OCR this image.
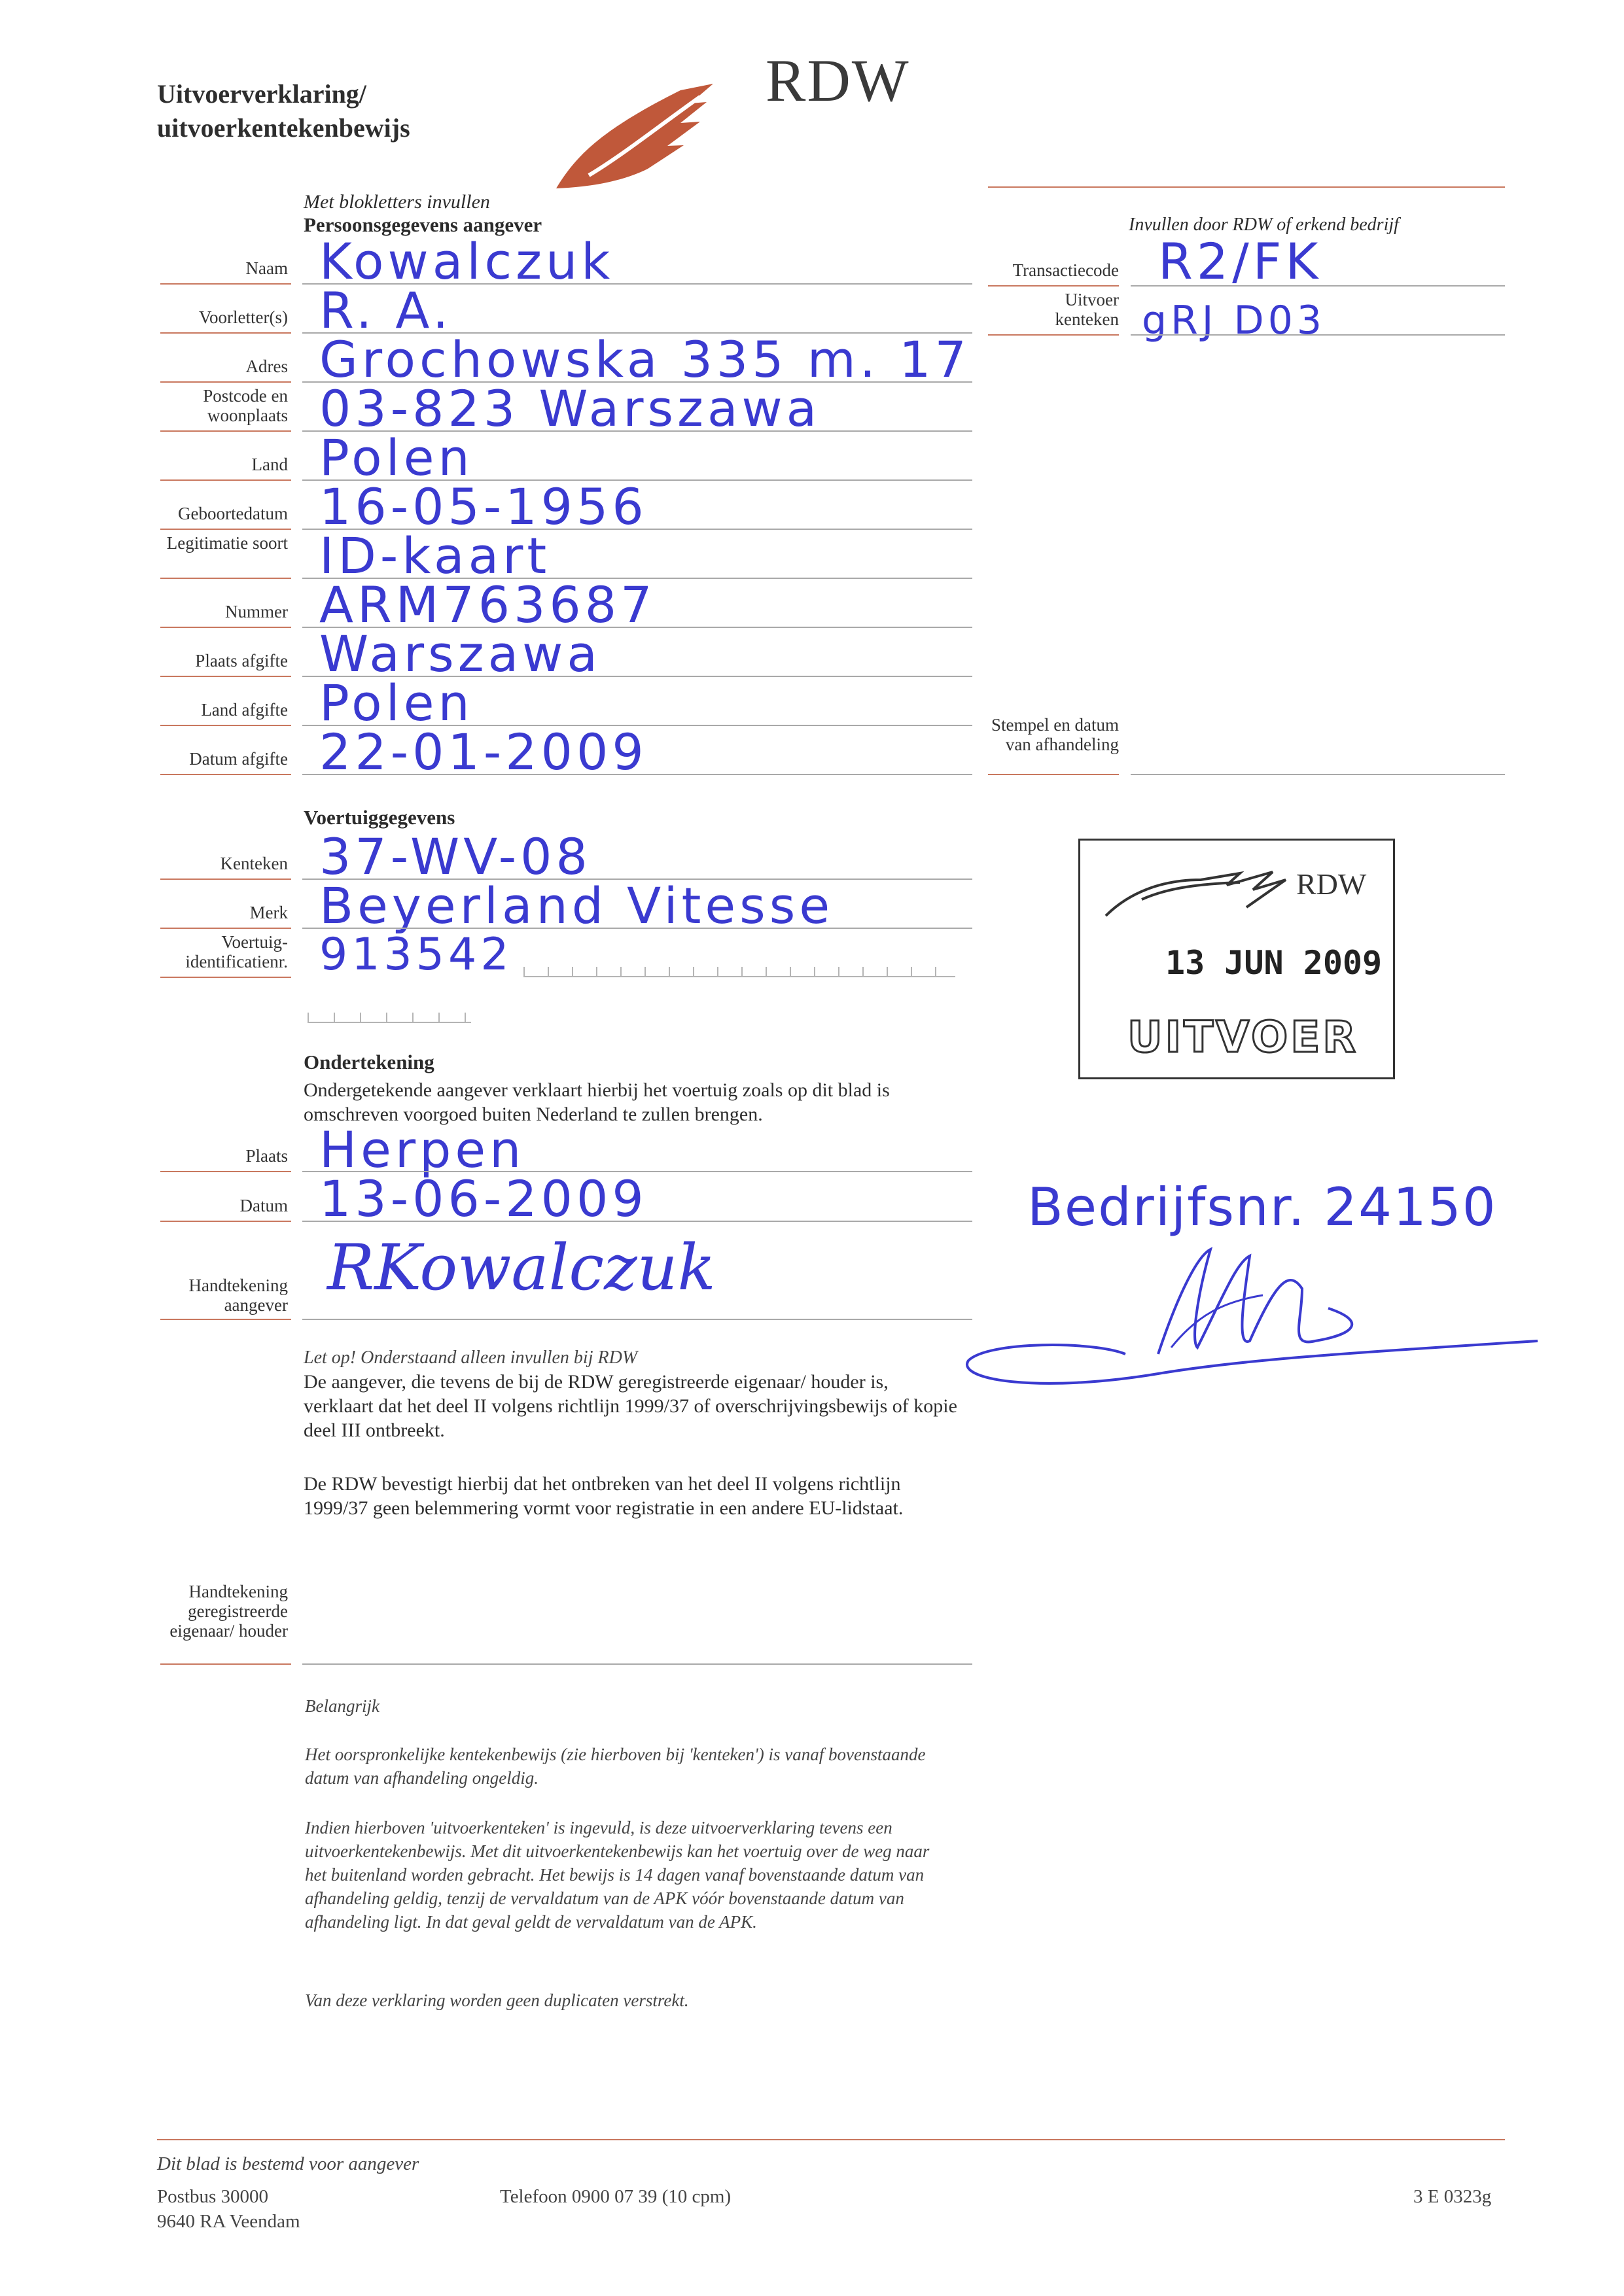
Uitvoerverklaring/
uitvoerkentekenbewijs
RDW
Met blokletters invullen
Persoonsgegevens aangever	Invullen door RDW of erkend bedrijf
Naam Kowalczuk
Voorletter(s) R. A.
Adres Grochowska 335 m. 17
Postcode en woonplaats 03-823 Warszawa
Land Polen
Geboortedatum 16-05-1956
Legitimatie soort ID-kaart
Nummer ARM763687
Plaats afgifte Warszawa
Land afgifte Polen
Datum afgifte 22-01-2009
Transactiecode R2/FK
Uitvoer kenteken gRJ D03
Stempel en datum van afhandeling
Voertuiggegevens
Kenteken 37-WV-08
Merk Beyerland Vitesse
Voertuig-identificatienr. 913542
RDW
13 JUN 2009
UITVOER
Ondertekening
Ondergetekende aangever verklaart hierbij het voertuig zoals op dit blad is omschreven voorgoed buiten Nederland te zullen brengen.
Plaats Herpen
Datum 13-06-2009
Handtekening aangever
RKowalczuk
Bedrijfsnr. 24150
Let op! Onderstaand alleen invullen bij RDW
De aangever, die tevens de bij de RDW geregistreerde eigenaar/ houder is, verklaart dat het deel II volgens richtlijn 1999/37 of overschrijvingsbewijs of kopie deel III ontbreekt.
De RDW bevestigt hierbij dat het ontbreken van het deel II volgens richtlijn 1999/37 geen belemmering vormt voor registratie in een andere EU-lidstaat.
Handtekening geregistreerde eigenaar/ houder
Belangrijk
Het oorspronkelijke kentekenbewijs (zie hierboven bij 'kenteken') is vanaf bovenstaande datum van afhandeling ongeldig.
Indien hierboven 'uitvoerkenteken' is ingevuld, is deze uitvoerverklaring tevens een uitvoerkentekenbewijs. Met dit uitvoerkentekenbewijs kan het voertuig over de weg naar het buitenland worden gebracht. Het bewijs is 14 dagen vanaf bovenstaande datum van afhandeling geldig, tenzij de vervaldatum van de APK vóór bovenstaande datum van afhandeling ligt. In dat geval geldt de vervaldatum van de APK.
Van deze verklaring worden geen duplicaten verstrekt.
Dit blad is bestemd voor aangever
Postbus 30000
9640 RA Veendam
Telefoon 0900 07 39 (10 cpm)	3 E 0323g
